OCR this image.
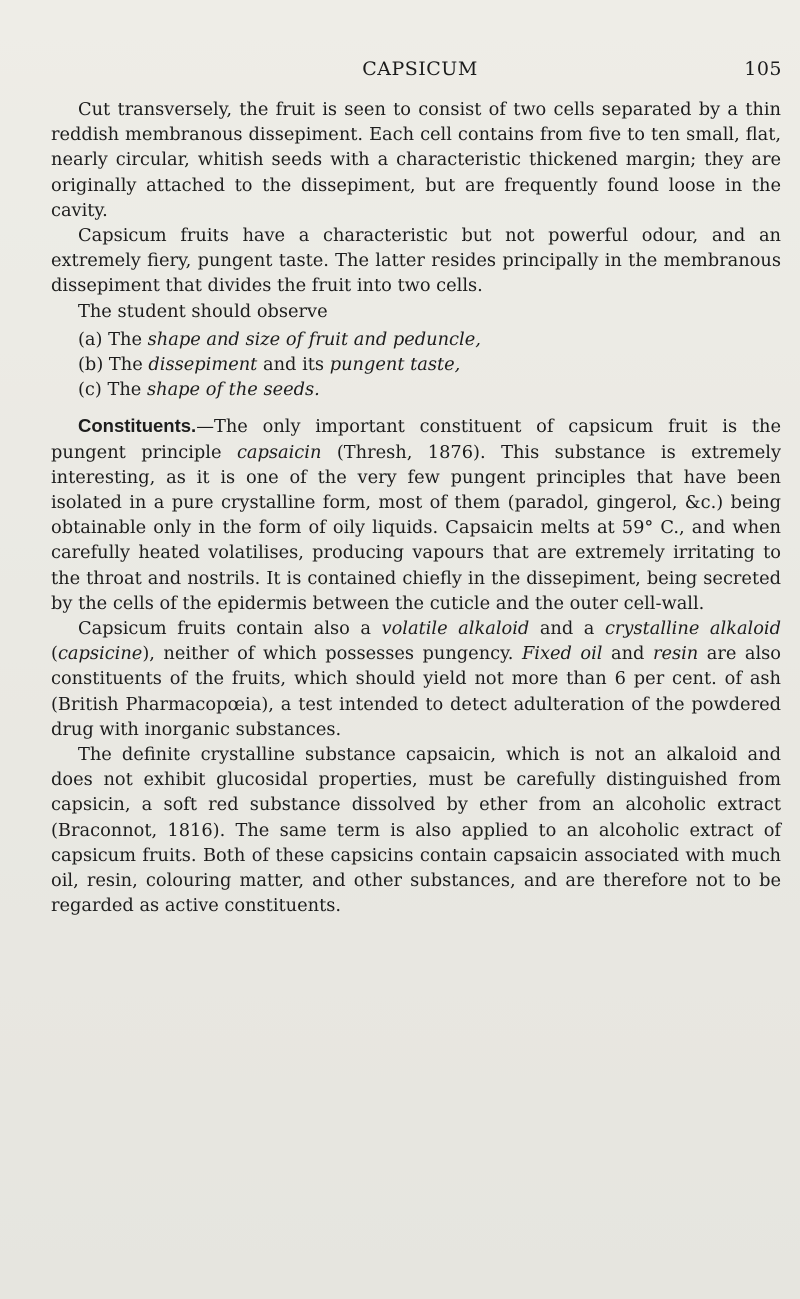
CAPSICUM	105

Cut transversely, the fruit is seen to consist of two cells separated by a thin reddish membranous dissepiment. Each cell contains from five to ten small, flat, nearly circular, whitish seeds with a characteristic thickened margin; they are originally attached to the dissepiment, but are frequently found loose in the cavity.

Capsicum fruits have a characteristic but not powerful odour, and an extremely fiery, pungent taste. The latter resides principally in the membranous dissepiment that divides the fruit into two cells.

The student should observe

(a) The shape and size of fruit and peduncle,
(b) The dissepiment and its pungent taste,
(c) The shape of the seeds.

Constituents.—The only important constituent of capsicum fruit is the pungent principle capsaicin (Thresh, 1876). This substance is extremely interesting, as it is one of the very few pungent principles that have been isolated in a pure crystalline form, most of them (paradol, gingerol, &c.) being obtainable only in the form of oily liquids. Capsaicin melts at 59° C., and when carefully heated volatilises, producing vapours that are extremely irritating to the throat and nostrils. It is contained chiefly in the dissepiment, being secreted by the cells of the epidermis between the cuticle and the outer cell-wall.

Capsicum fruits contain also a volatile alkaloid and a crystalline alkaloid (capsicine), neither of which possesses pungency. Fixed oil and resin are also constituents of the fruits, which should yield not more than 6 per cent. of ash (British Pharmacopœia), a test intended to detect adulteration of the powdered drug with inorganic substances.

The definite crystalline substance capsaicin, which is not an alkaloid and does not exhibit glucosidal properties, must be carefully distinguished from capsicin, a soft red substance dissolved by ether from an alcoholic extract (Braconnot, 1816). The same term is also applied to an alcoholic extract of capsicum fruits. Both of these capsicins contain capsaicin associated with much oil, resin, colouring matter, and other substances, and are therefore not to be regarded as active constituents.
